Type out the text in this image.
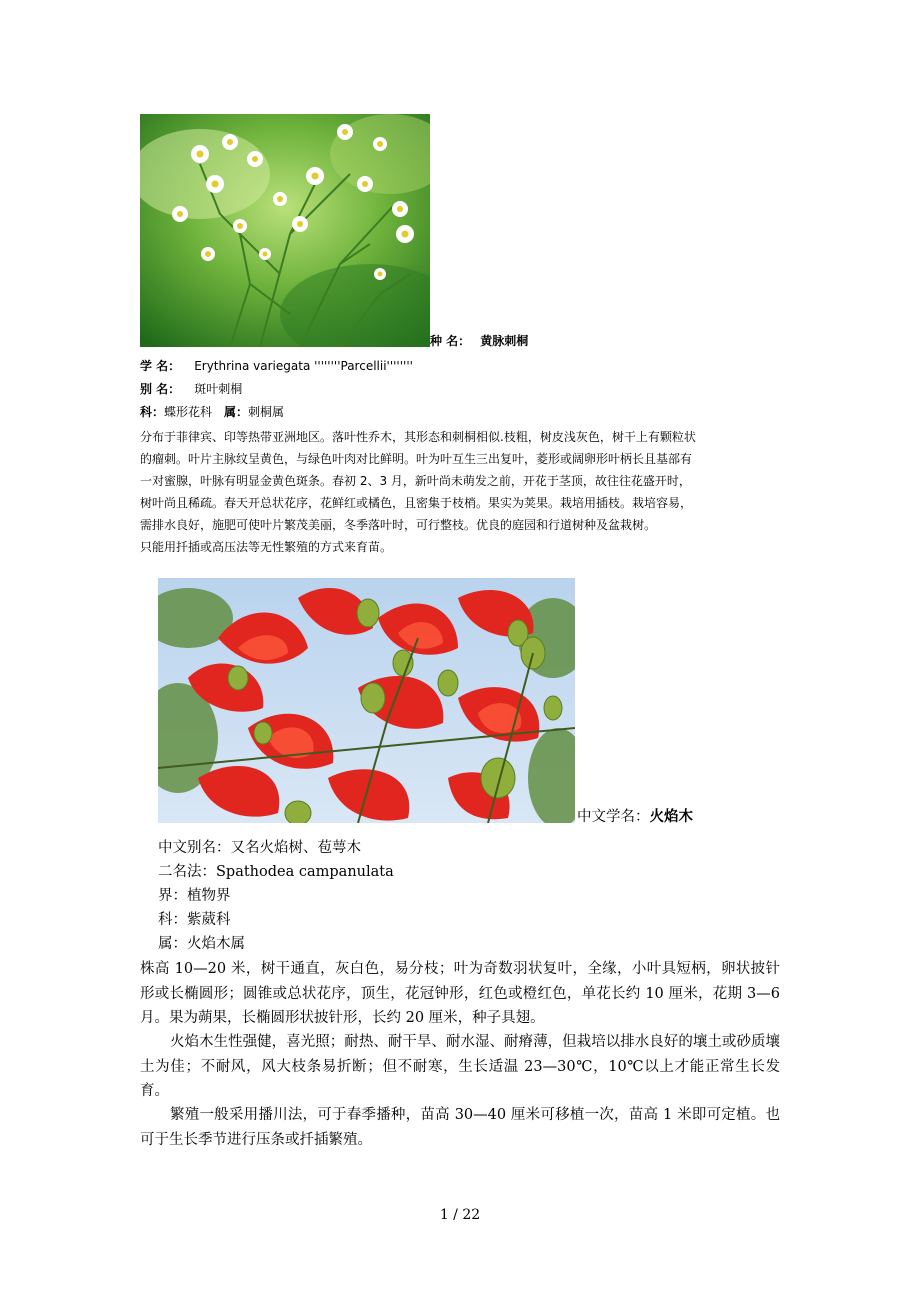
种 名： 黄脉刺桐
学 名： Erythrina variegata ''''''''Parcellii''''''''
别 名： 斑叶刺桐
科：蝶形花科 属：刺桐属
分布于菲律宾、印等热带亚洲地区。落叶性乔木，其形态和刺桐相似.枝粗，树皮浅灰色，树干上有颗粒状
的瘤刺。叶片主脉纹呈黄色，与绿色叶肉对比鲜明。叶为叶互生三出复叶，菱形或阔卵形叶柄长且基部有
一对蜜腺，叶脉有明显金黄色斑条。春初 2、3 月，新叶尚未萌发之前，开花于茎顶，故往往花盛开时，
树叶尚且稀疏。春天开总状花序，花鲜红或橘色，且密集于枝梢。果实为荚果。栽培用插枝。栽培容易，
需排水良好，施肥可使叶片繁茂美丽，冬季落叶时，可行整枝。优良的庭园和行道树种及盆栽树。
只能用扦插或高压法等无性繁殖的方式来育苗。
中文学名：火焰木
中文别名：又名火焰树、苞萼木
二名法：Spathodea campanulata
界：植物界
科：紫葳科
属：火焰木属
株高 10—20 米，树干通直，灰白色，易分枝；叶为奇数羽状复叶，全缘，小叶具短柄，卵状披针形或长椭圆形；圆锥或总状花序，顶生，花冠钟形，红色或橙红色，单花长约 10 厘米，花期 3—6 月。果为蒴果，长椭圆形状披针形，长约 20 厘米，种子具翅。
火焰木生性强健，喜光照；耐热、耐干旱、耐水湿、耐瘠薄，但栽培以排水良好的壤土或砂质壤土为佳；不耐风，风大枝条易折断；但不耐寒，生长适温 23—30℃，10℃以上才能正常生长发育。
繁殖一般采用播川法，可于春季播种，苗高 30—40 厘米可移植一次，苗高 1 米即可定植。也可于生长季节进行压条或扦插繁殖。
1 / 22
